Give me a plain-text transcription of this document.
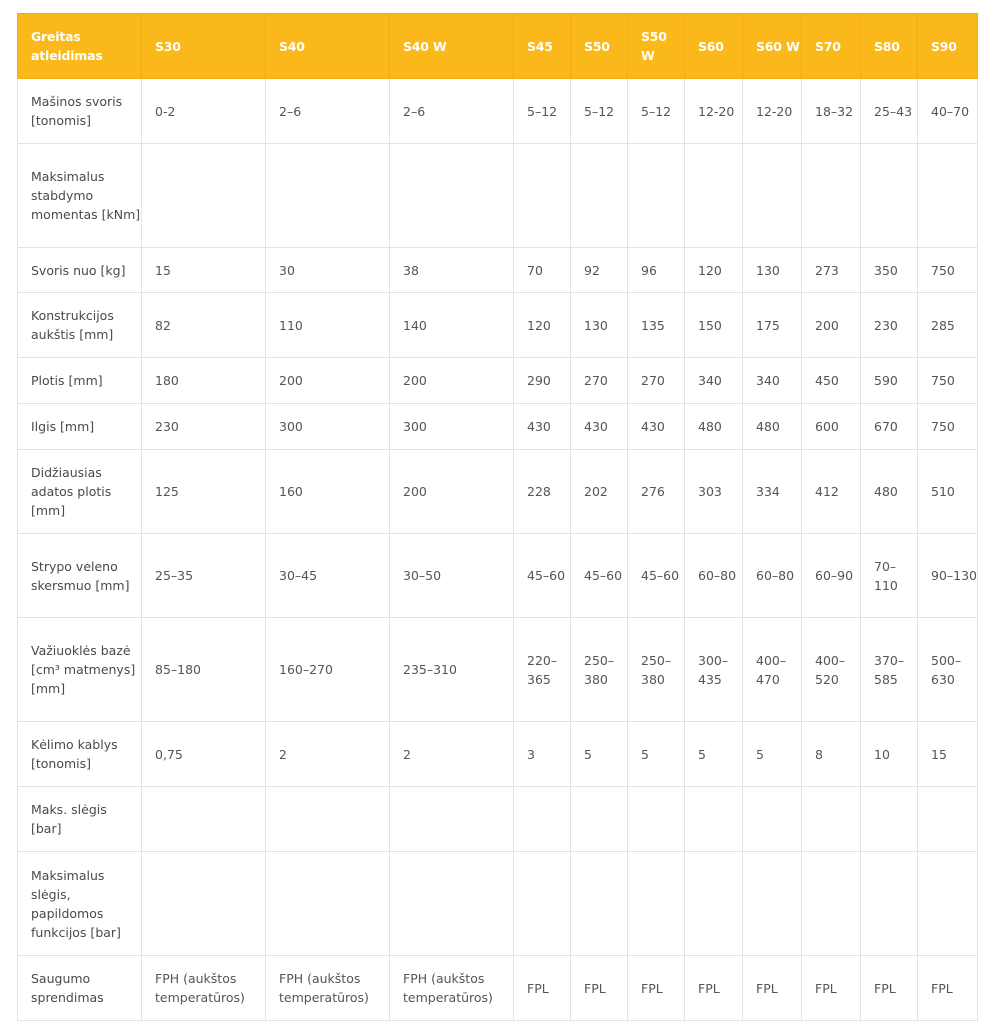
Greitas atleidimas	S30	S40	S40 W	S45	S50	S50 W	S60	S60 W	S70	S80	S90
Mašinos svoris [tonomis]	0-2	2–6	2–6	5–12	5–12	5–12	12-20	12-20	18–32	25–43	40–70
Maksimalus stabdymo momentas [kNm]											
Svoris nuo [kg]	15	30	38	70	92	96	120	130	273	350	750
Konstrukcijos aukštis [mm]	82	110	140	120	130	135	150	175	200	230	285
Plotis [mm]	180	200	200	290	270	270	340	340	450	590	750
Ilgis [mm]	230	300	300	430	430	430	480	480	600	670	750
Didžiausias adatos plotis [mm]	125	160	200	228	202	276	303	334	412	480	510
Strypo veleno skersmuo [mm]	25–35	30–45	30–50	45–60	45–60	45–60	60–80	60–80	60–90	70–110	90–130
Važiuoklės bazė [cm³ matmenys] [mm]	85–180	160–270	235–310	220–365	250–380	250–380	300–435	400–470	400–520	370–585	500–630
Kėlimo kablys [tonomis]	0,75	2	2	3	5	5	5	5	8	10	15
Maks. slėgis [bar]											
Maksimalus slėgis, papildomos funkcijos [bar]											
Saugumo sprendimas	FPH (aukštos temperatūros)	FPH (aukštos temperatūros)	FPH (aukštos temperatūros)	FPL	FPL	FPL	FPL	FPL	FPL	FPL	FPL
